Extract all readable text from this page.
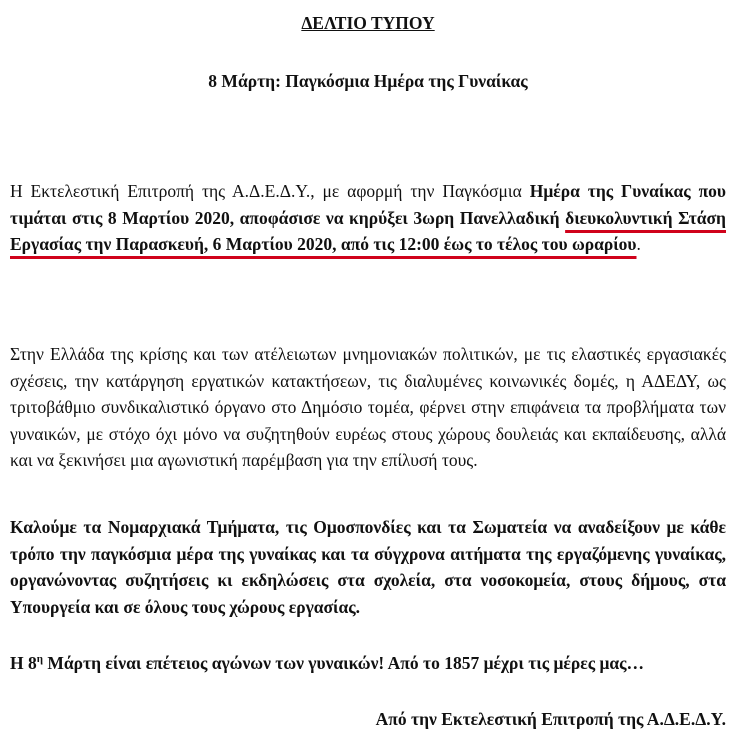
ΔΕΛΤΙΟ ΤΥΠΟΥ
8 Μάρτη: Παγκόσμια Ημέρα της Γυναίκας
Η Εκτελεστική Επιτροπή της Α.Δ.Ε.Δ.Υ., με αφορμή την Παγκόσμια Ημέρα της Γυναίκας που τιμάται στις 8 Μαρτίου 2020, αποφάσισε να κηρύξει 3ωρη Πανελλαδική διευκολυντική Στάση Εργασίας την Παρασκευή, 6 Μαρτίου 2020, από τις 12:00 έως το τέλος του ωραρίου.
Στην Ελλάδα της κρίσης και των ατέλειωτων μνημονιακών πολιτικών, με τις ελαστικές εργασιακές σχέσεις, την κατάργηση εργατικών κατακτήσεων, τις διαλυμένες κοινωνικές δομές, η ΑΔΕΔΥ, ως τριτοβάθμιο συνδικαλιστικό όργανο στο Δημόσιο τομέα, φέρνει στην επιφάνεια τα προβλήματα των γυναικών, με στόχο όχι μόνο να συζητηθούν ευρέως στους χώρους δουλειάς και εκπαίδευσης, αλλά και να ξεκινήσει μια αγωνιστική παρέμβαση για την επίλυσή τους.
Καλούμε τα Νομαρχιακά Τμήματα, τις Ομοσπονδίες και τα Σωματεία να αναδείξουν με κάθε τρόπο την παγκόσμια μέρα της γυναίκας και τα σύγχρονα αιτήματα της εργαζόμενης γυναίκας, οργανώνοντας συζητήσεις κι εκδηλώσεις στα σχολεία, στα νοσοκομεία, στους δήμους, στα Υπουργεία και σε όλους τους χώρους εργασίας.
Η $8^\eta$ Μάρτη είναι επέτειος αγώνων των γυναικών! Από το 1857 μέχρι τις μέρες μας…
Από την Εκτελεστική Επιτροπή της Α.Δ.Ε.Δ.Υ.
